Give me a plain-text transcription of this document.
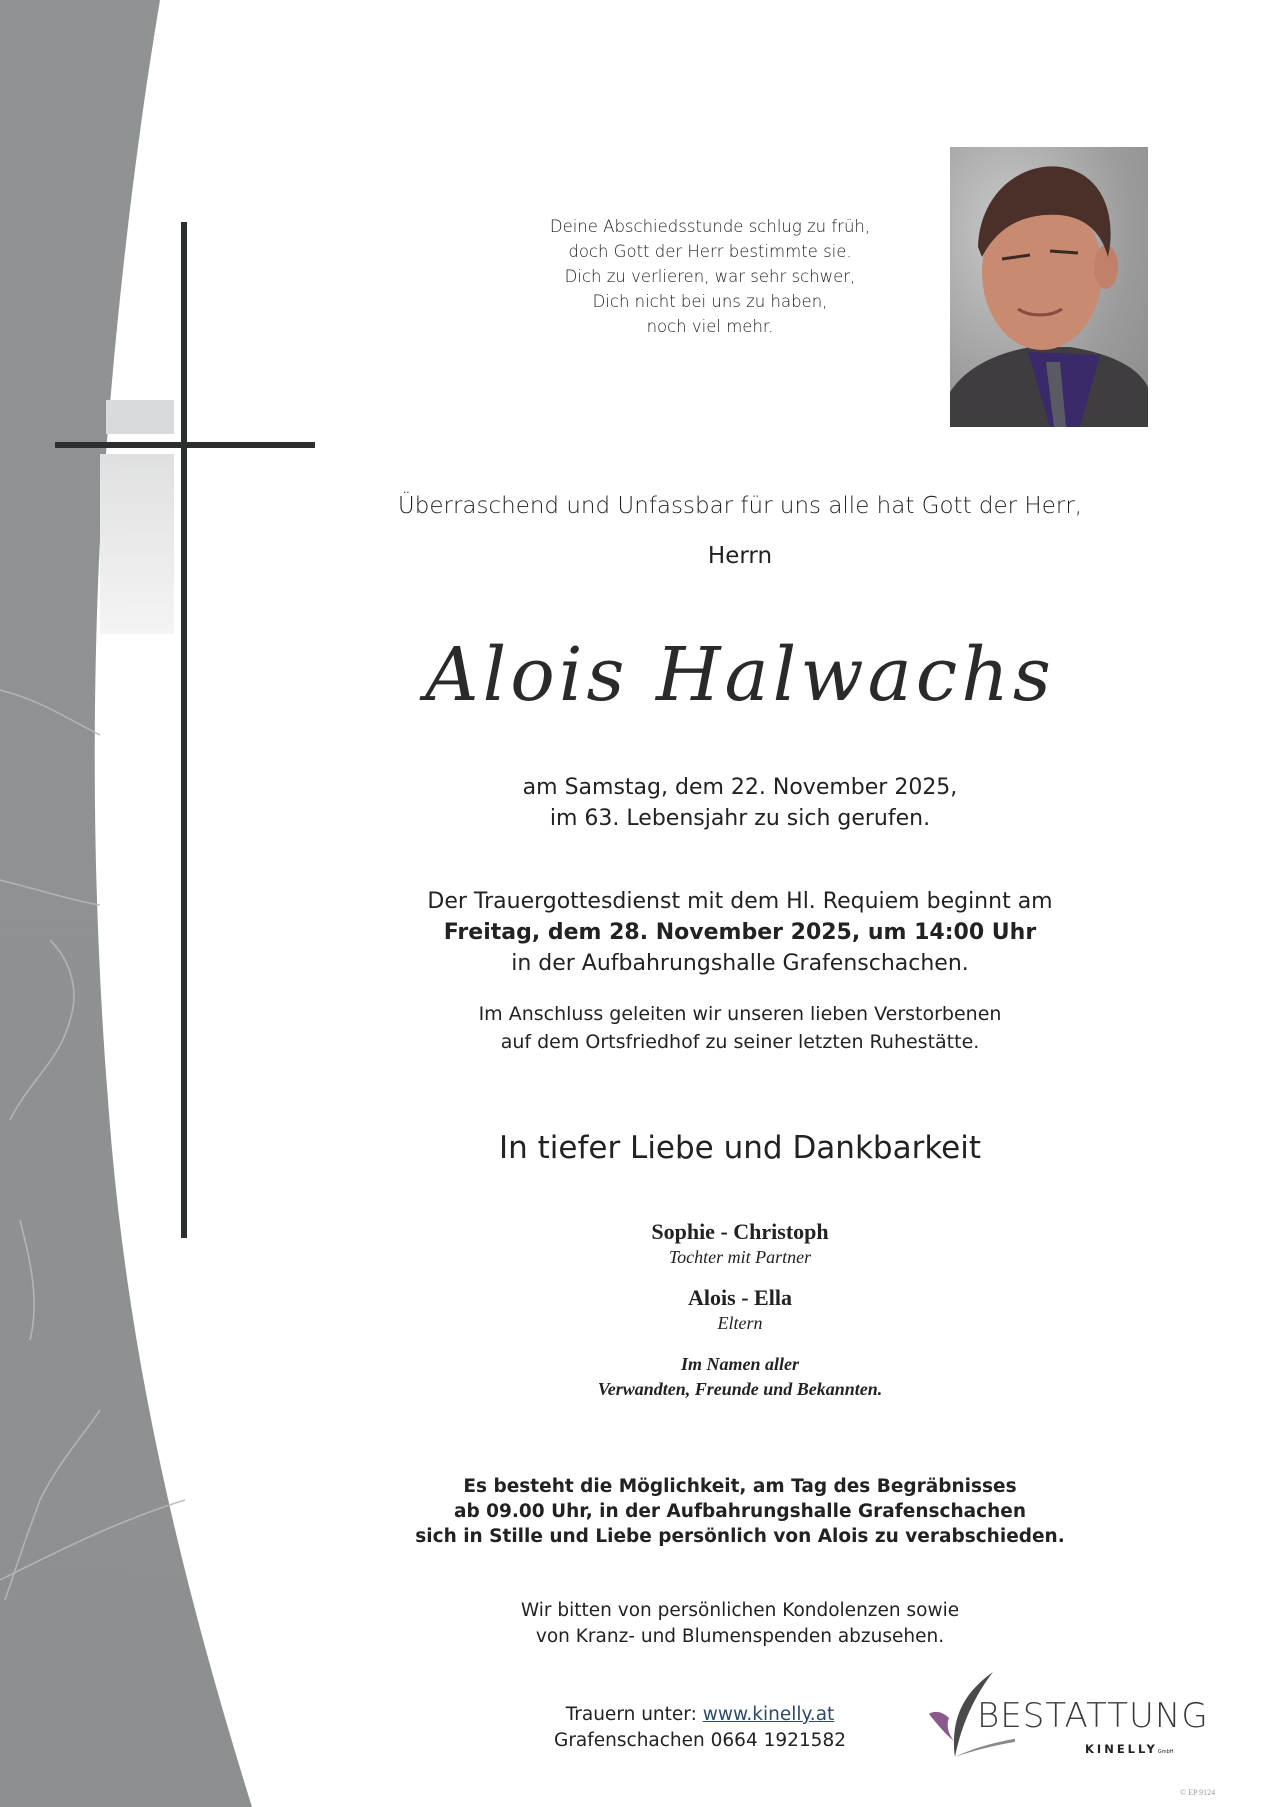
Deine Abschiedsstunde schlug zu früh,
doch Gott der Herr bestimmte sie.
Dich zu verlieren, war sehr schwer,
Dich nicht bei uns zu haben,
noch viel mehr.
Überraschend und Unfassbar für uns alle hat Gott der Herr,
Herrn
Alois Halwachs
am Samstag, dem 22. November 2025,
im 63. Lebensjahr zu sich gerufen.
Der Trauergottesdienst mit dem Hl. Requiem beginnt am
Freitag, dem 28. November 2025, um 14:00 Uhr
in der Aufbahrungshalle Grafenschachen.
Im Anschluss geleiten wir unseren lieben Verstorbenen
auf dem Ortsfriedhof zu seiner letzten Ruhestätte.
In tiefer Liebe und Dankbarkeit
Sophie - Christoph
Tochter mit Partner
Alois - Ella
Eltern
Im Namen aller
Verwandten, Freunde und Bekannten.
Es besteht die Möglichkeit, am Tag des Begräbnisses
ab 09.00 Uhr, in der Aufbahrungshalle Grafenschachen
sich in Stille und Liebe persönlich von Alois zu verabschieden.
Wir bitten von persönlichen Kondolenzen sowie
von Kranz- und Blumenspenden abzusehen.
Trauern unter: www.kinelly.at
Grafenschachen 0664 1921582
BESTATTUNG
KINELLYGmbH
© EP 9124
